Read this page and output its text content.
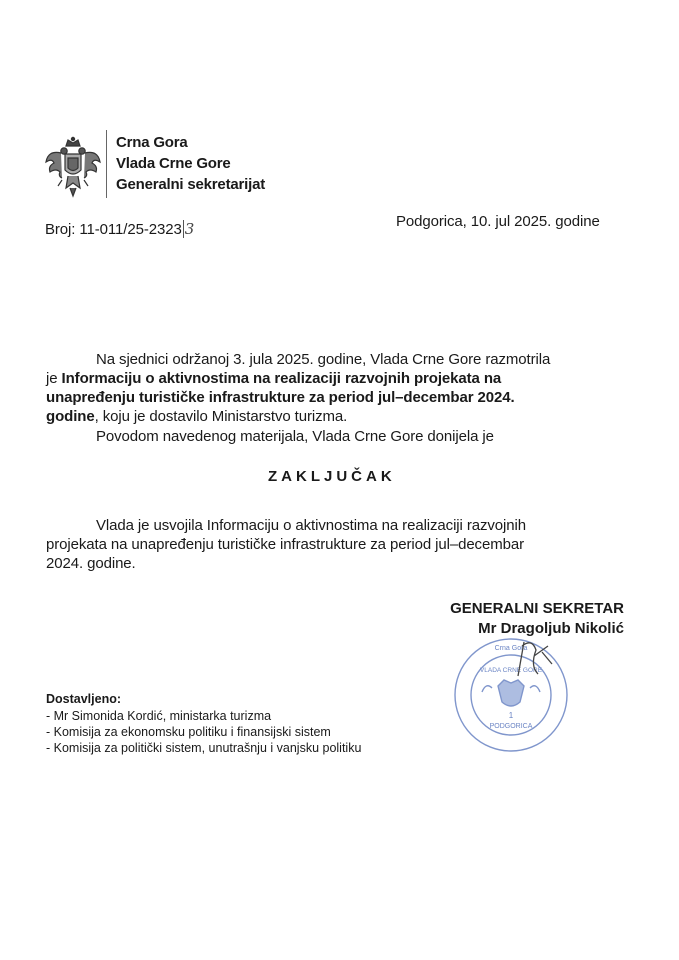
Crna Gora
Vlada Crne Gore
Generalni sekretarijat
Broj: 11-011/25-2323 3	Podgorica, 10. jul 2025. godine
Na sjednici održanoj 3. jula 2025. godine, Vlada Crne Gore razmotrila
je Informaciju o aktivnostima na realizaciji razvojnih projekata na
unapređenju turističke infrastrukture za period jul–decembar 2024.
godine, koju je dostavilo Ministarstvo turizma.
Povodom navedenog materijala, Vlada Crne Gore donijela je
ZAKLJUČAK
Vlada je usvojila Informaciju o aktivnostima na realizaciji razvojnih
projekata na unapređenju turističke infrastrukture za period jul–decembar
2024. godine.
GENERALNI SEKRETAR
Mr Dragoljub Nikolić
1
PODGORICA
VLADA CRNE GORE
Crna Gora
Dostavljeno:
- Mr Simonida Kordić, ministarka turizma
- Komisija za ekonomsku politiku i finansijski sistem
- Komisija za politički sistem, unutrašnju i vanjsku politiku
